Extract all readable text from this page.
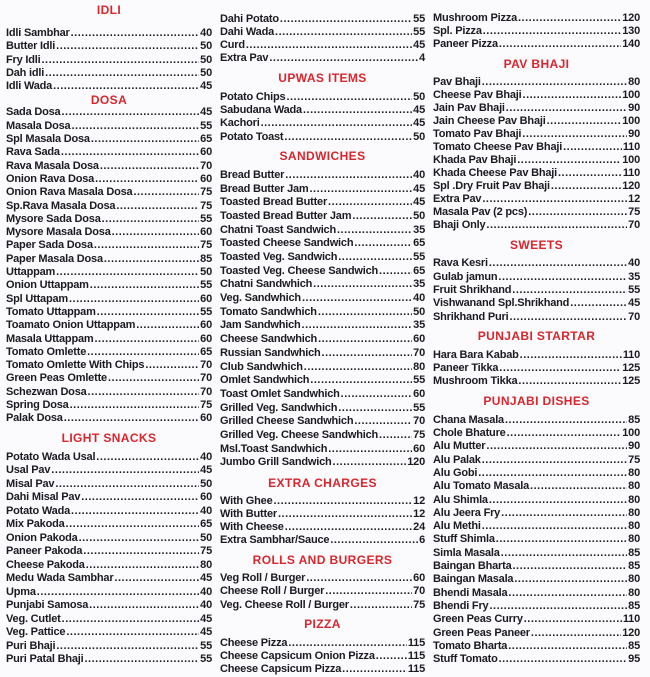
IDLI
Idli Sambhar .....	40
Butter Idli .....	50
Fry Idli .....	50
Dah idli .....	50
Idli Wada .....	45
DOSA
Sada Dosa .....	45
Masala Dosa .....	55
Spl Masala Dosa .....	65
Rava Sada .....	60
Rava Masala Dosa .....	70
Onion Rava Dosa .....	60
Onion Rava Masala Dosa .....	75
Sp.Rava Masala Dosa .....	75
Mysore Sada Dosa .....	55
Mysore Masala Dosa .....	60
Paper Sada Dosa .....	75
Paper Masala Dosa .....	85
Uttappam .....	50
Onion Uttappam .....	55
Spl Uttapam .....	60
Tomato Uttappam .....	55
Toamato Onion Uttappam .....	60
Masala Uttappam .....	60
Tomato Omlette .....	65
Tomato Omlette With Chips .....	70
Green Peas Omlette .....	70
Schezwan Dosa .....	70
Spring Dosa .....	75
Palak Dosa .....	60
LIGHT SNACKS
Potato Wada Usal .....	40
Usal Pav .....	45
Misal Pav .....	50
Dahi Misal Pav .....	60
Potato Wada .....	40
Mix Pakoda .....	65
Onion Pakoda .....	50
Paneer Pakoda .....	75
Cheese Pakoda .....	80
Medu Wada Sambhar .....	45
Upma .....	40
Punjabi Samosa .....	40
Veg. Cutlet .....	45
Veg. Pattice .....	45
Puri Bhaji .....	55
Puri Patal Bhaji .....	55
Dahi Potato .....	55
Dahi Wada .....	55
Curd .....	45
Extra Pav .....	4
UPWAS ITEMS
Potato Chips .....	50
Sabudana Wada .....	45
Kachori .....	45
Potato Toast .....	50
SANDWICHES
Bread Butter .....	40
Bread Butter Jam .....	45
Toasted Bread Butter .....	45
Toasted Bread Butter Jam .....	50
Chatni Toast Sandwich .....	35
Toasted Cheese Sandwich .....	65
Toasted Veg. Sandwich .....	55
Toasted Veg. Cheese Sandwich .....	65
Chatni Sandwhich .....	35
Veg. Sandwhich .....	40
Tomato Sandwhich .....	50
Jam Sandwhich .....	35
Cheese Sandwhich .....	60
Russian Sandwhich .....	70
Club Sandwhich .....	80
Omlet Sandwhich .....	55
Toast Omlet Sandwhich .....	60
Grilled Veg. Sandwhich .....	55
Grilled Cheese Sandwhich .....	70
Grilled Veg. Cheese Sandwhich .....	75
Msl.Toast Sandwhich .....	60
Jumbo Grill Sandwich .....	120
EXTRA CHARGES
With Ghee .....	12
With Butter .....	12
With Cheese .....	24
Extra Sambhar/Sauce .....	6
ROLLS AND BURGERS
Veg Roll / Burger .....	60
Cheese Roll / Burger .....	70
Veg. Cheese Roll / Burger .....	75
PIZZA
Cheese Pizza .....	115
Cheese Capsicum Onion Pizza .....	115
Cheese Capsicum Pizza .....	115
Mushroom Pizza .....	120
Spl. Pizza .....	130
Paneer Pizza .....	140
PAV BHAJI
Pav Bhaji .....	80
Cheese Pav Bhaji .....	100
Jain Pav Bhaji .....	90
Jain Cheese Pav Bhaji .....	100
Tomato Pav Bhaji .....	90
Tomato Cheese Pav Bhaji .....	110
Khada Pav Bhaji .....	100
Khada Cheese Pav Bhaji .....	110
Spl .Dry Fruit Pav Bhaji .....	120
Extra Pav .....	12
Masala Pav (2 pcs) .....	75
Bhaji Only .....	70
SWEETS
Rava Kesri .....	40
Gulab jamun .....	35
Fruit Shrikhand .....	55
Vishwanand Spl.Shrikhand .....	45
Shrikhand Puri .....	70
PUNJABI STARTAR
Hara Bara Kabab .....	110
Paneer Tikka .....	125
Mushroom Tikka .....	125
PUNJABI DISHES
Chana Masala .....	85
Chole Bhature .....	100
Alu Mutter .....	90
Alu Palak .....	75
Alu Gobi .....	80
Alu Tomato Masala .....	80
Alu Shimla .....	80
Alu Jeera Fry .....	80
Alu Methi .....	80
Stuff Shimla .....	80
Simla Masala .....	85
Baingan Bharta .....	85
Baingan Masala .....	80
Bhendi Masala .....	80
Bhendi Fry .....	85
Green Peas Curry .....	110
Green Peas Paneer .....	120
Tomato Bharta .....	85
Stuff Tomato .....	95
